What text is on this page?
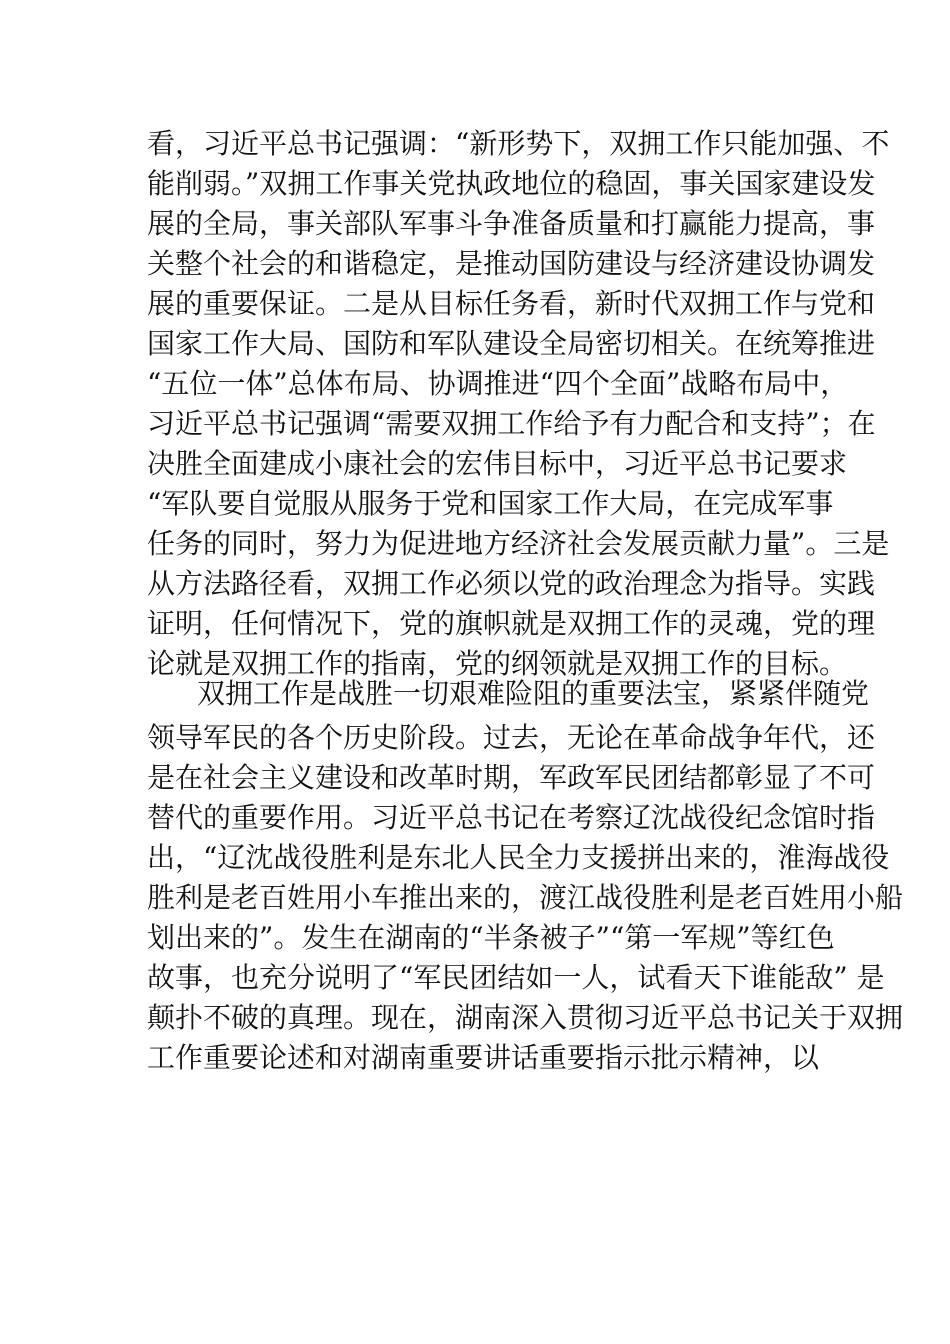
看，习近平总书记强调：“新形势下，双拥工作只能加强、不
能削弱。”双拥工作事关党执政地位的稳固，事关国家建设发
展的全局，事关部队军事斗争准备质量和打赢能力提高，事
关整个社会的和谐稳定，是推动国防建设与经济建设协调发
展的重要保证。二是从目标任务看，新时代双拥工作与党和
国家工作大局、国防和军队建设全局密切相关。在统筹推进
“五位一体”总体布局、协调推进“四个全面”战略布局中，
习近平总书记强调“需要双拥工作给予有力配合和支持”；在
决胜全面建成小康社会的宏伟目标中，习近平总书记要求
“军队要自觉服从服务于党和国家工作大局，在完成军事
任务的同时，努力为促进地方经济社会发展贡献力量”。三是
从方法路径看，双拥工作必须以党的政治理念为指导。实践
证明，任何情况下，党的旗帜就是双拥工作的灵魂，党的理
论就是双拥工作的指南，党的纲领就是双拥工作的目标。
双拥工作是战胜一切艰难险阻的重要法宝，紧紧伴随党
领导军民的各个历史阶段。过去，无论在革命战争年代，还
是在社会主义建设和改革时期，军政军民团结都彰显了不可
替代的重要作用。习近平总书记在考察辽沈战役纪念馆时指
出，“辽沈战役胜利是东北人民全力支援拼出来的，淮海战役
胜利是老百姓用小车推出来的，渡江战役胜利是老百姓用小船
划出来的”。发生在湖南的“半条被子”“第一军规”等红色
故事，也充分说明了“军民团结如一人，试看天下谁能敌” 是
颠扑不破的真理。现在，湖南深入贯彻习近平总书记关于双拥
工作重要论述和对湖南重要讲话重要指示批示精神，以
